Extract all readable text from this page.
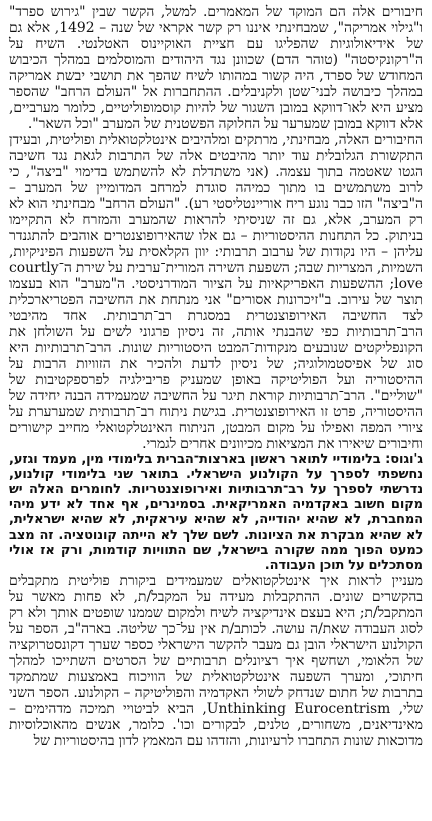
חיבורים אלה הם המוקד של המאמרים. למשל, הקשר שבין "גירוש ספרד" ו"גילוי אמריקה", שמבחינתי איננו רק קשר אקראי של שנה – 1492, אלא גם של אידיאולוגיות שהפליגו עם חציית האוקיינוס האטלנטי. השיח על ה"רקונקיסטה" (טוהר הדם) שכוונן נגד היהודים והמוסלמים במהלך הכיבוש המחודש של ספרד, היה קשור במהותו לשיח שהפך את תושבי יבשת אמריקה במהלך כיבושה לבני־שטן ולקניבלים. ההתחברות אל "העולם הרחב" שהספר מציע היא לאו־דווקא במובן השגור של להיות קוסמופוליטיים, כלומר מערביים, אלא דווקא במובן שמערער על החלוקה הפשטנית של המערב "וכל השאר".

החיבורים האלה, מבחינתי, מרתקים ומלהיבים אינטלקטואלית ופוליטית, ובעידן התקשורת הגלובלית עוד יותר מהיבטים אלה של התרבות לגאת נגד חשיבה הגטו שאטמה בתוך עצמה. (אני משתדלת לא להשתמש בדימוי "ביצה", כי לרוב משתמשים בו מתוך כמיהה סוגדת למרחב המדומיין של המערב – ה"ביצה" הזו כבר נוגע ריח אוריינטליסטי רע). "העולם הרחב" מבחינתי הוא לא רק המערב, אלא, גם זה שניסיתי להראות שהמערב והמזרח לא התקיימו בניתוק. כל התחנות ההיסטוריות – גם אלו שהאירופוצנטרים אוהבים להתגנדר עליהן – היו נקודות של ערבוב תרבותי: יוון הקלאסית על השפעות הפיניקיות, השמיות, המצריות שבה; השפעת השירה המורית־ערבית על שירת ה־courtly love; ההשפעות האפריקאיות על הציור המודרניסטי. ה"מערב" הוא בעצמו תוצר של עירוב. ב"זיכרונות אסורים" אני מנתחת את החשיבה הפטריארכלית לצד החשיבה האירופוצנטרית במסגרת רב־תרבותית. אחד מהיבטי הרב־תרבותיות כפי שהבנתי אותה, זה ניסיון פרגוני לשים על השולחן את הקונפליקטים שנובעים מנקודות־המבט היסטוריות שונות. הרב־תרבותיות היא סוג של אפיסטמולוגיה; של ניסיון לדעת ולהכיר את הזוויות הרבות על ההיסטוריה ועל הפוליטיקה באופן שמעניק פריבילגיה לפרספקטיבות של "שוליים". הרב־תרבותיות קוראת תיגר על החשיבה שמעמידה הבנה יחידה של ההיסטוריה, פרט זו האירופוצנטרית. בגישת ניתוח רב־תרבותית שמערערת על ציורי המפה ואפילו על מקום המבטן, הניתוח האינטלקטואלי מחייב קישורים וחיבורים שיאירו את המציאות מכיוונים אחרים לגמרי.

ג'וגוס: בלימודיי לתואר ראשון בארצות־הברית בלימודי מין, מעמד וגזע, נחשפתי לספרך על הקולנוע הישראלי. בתואר שני בלימודי קולנוע, נדרשתי לספרך על רב־תרבותיות ואירופוצנטריות. לחומרים האלה יש מקום חשוב באקדמיה האמריקאית. בסמינרים, אף אחד לא ידע מיהי המחברת, לא שהיא יהודייה, לא שהיא עיראקית, לא שהיא ישראלית, לא שהיא מבקרת את הציונות. לשם שלך לא הייתה קונוטציה. זה מצב כמעט הפוך ממה שקורה בישראל, שם התוויות קודמות, ורק אז אולי מסתכלים על תוכן העבודה.

מעניין לראות איך אינטלקטואלים שמעמידים ביקורת פוליטית מתקבלים בהקשרים שונים. ההתקבלות מעידה על המקבל/ת, לא פחות מאשר על המתקבל/ת; היא בעצם אינדיקציה לשיח ולמקום שממנו שופטים אותך ולא רק לסוג העבודה שאת/ה עושה. לכותב/ת אין על־כך שליטה. בארה"ב, הספר על הקולנוע הישראלי הובן גם מעבר להקשר הישראלי כספר שערך דקונסטרוקציה של הלאומי, ושחשף איך רציונלים תרבותיים של הסרטים השתייכו למהלך חיתוכי, ומערך השפעה אינטלקטואלית של הוויכוח באמצעות שמתמקד בתרבות של חתום שנדחק לשולי האקדמיה והפוליטיקה – הקולנוע. הספר השני שלי, Unthinking Eurocentrism, הביא לביטויי תמיכה מדהימים – מאינדיאנים, משחורים, טלנים, לבקורים וכו'. כלומר, אנשים מהאוכלוסיות מדוכאות שונות התחברו לרעיונות, והזדהו עם המאמץ לדון בהיסטוריות של
